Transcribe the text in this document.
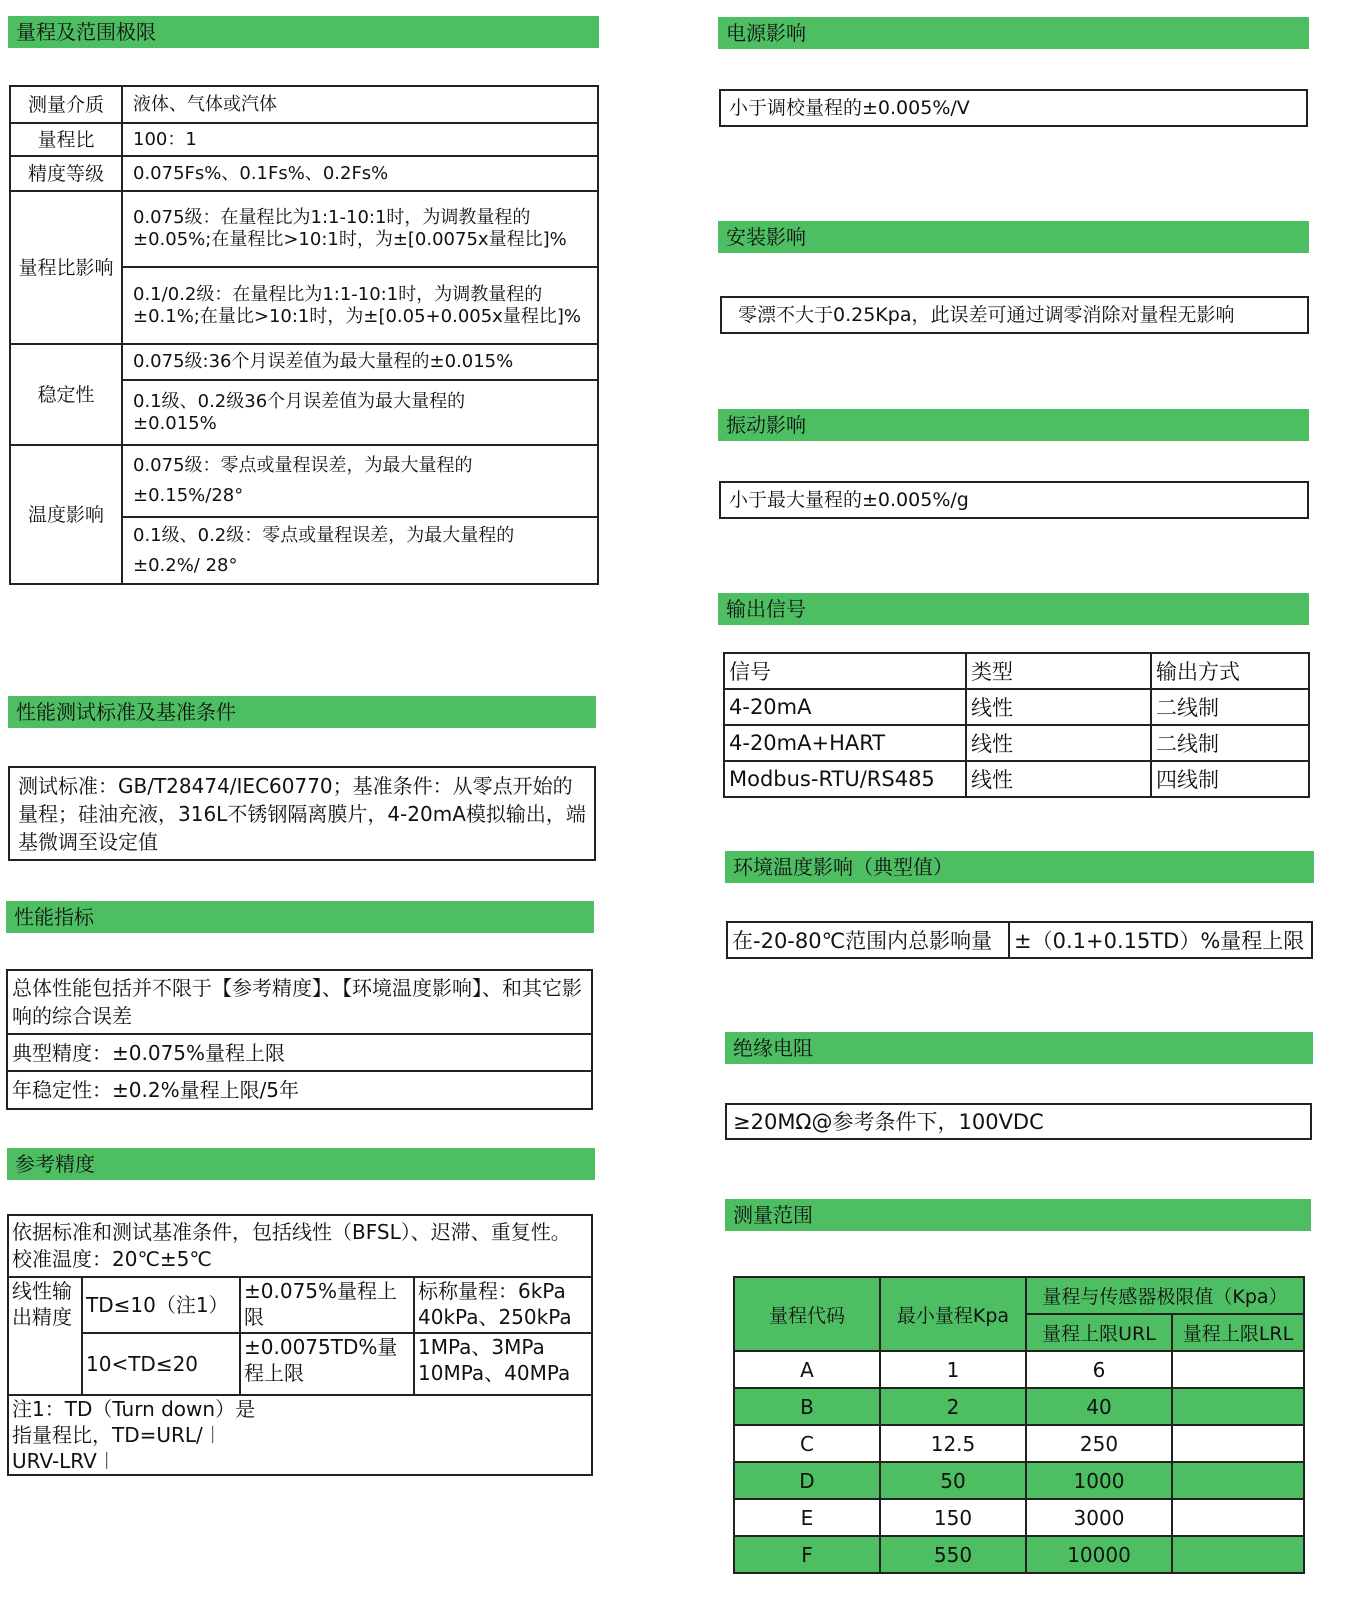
量程及范围极限
测量介质	液体、气体或汽体
量程比	100：1
精度等级	0.075Fs%、0.1Fs%、0.2Fs%
量程比影响	0.075级：在量程比为1:1-10:1时，为调教量程的±0.05%;在量程比>10:1时，为±[0.0075x量程比]%
	0.1/0.2级：在量程比为1:1-10:1时，为调教量程的±0.1%;在量比>10:1时，为±[0.05+0.005x量程比]%
稳定性	0.075级:36个月误差值为最大量程的±0.015%
	0.1级、0.2级36个月误差值为最大量程的±0.015%
温度影响	0.075级：零点或量程误差，为最大量程的±0.15%/28°
	0.1级、0.2级：零点或量程误差，为最大量程的±0.2%/ 28°
性能测试标准及基准条件
测试标准：GB/T28474/IEC60770；基准条件：从零点开始的量程；硅油充液，316L不锈钢隔离膜片，4-20mA模拟输出，端基微调至设定值
性能指标
总体性能包括并不限于【参考精度】、【环境温度影响】、和其它影响的综合误差
典型精度：±0.075%量程上限
年稳定性：±0.2%量程上限/5年
参考精度
依据标准和测试基准条件，包括线性（BFSL）、迟滞、重复性。校准温度：20℃±5℃			
线性输出精度	TD≤10（注1）	±0.075%量程上限	标称量程：6kPa 40kPa、250kPa
	10<TD≤20	±0.0075TD%量程上限	1MPa、3MPa 10MPa、40MPa
注1：TD（Turn down）是指量程比，TD=URL/︱URV-LRV︱			
电源影响
小于调校量程的±0.005%/V
安装影响
零漂不大于0.25Kpa，此误差可通过调零消除对量程无影响
振动影响
小于最大量程的±0.005%/g
输出信号
信号	类型	输出方式
4-20mA	线性	二线制
4-20mA+HART	线性	二线制
Modbus-RTU/RS485	线性	四线制
环境温度影响（典型值）
在-20-80℃范围内总影响量	±（0.1+0.15TD）%量程上限
绝缘电阻
≥20MΩ@参考条件下，100VDC
测量范围
量程代码	最小量程Kpa	量程与传感器极限值（Kpa）	
		量程上限URL	量程上限LRL
A	1	6	
B	2	40	
C	12.5	250	
D	50	1000	
E	150	3000	
F	550	10000	
